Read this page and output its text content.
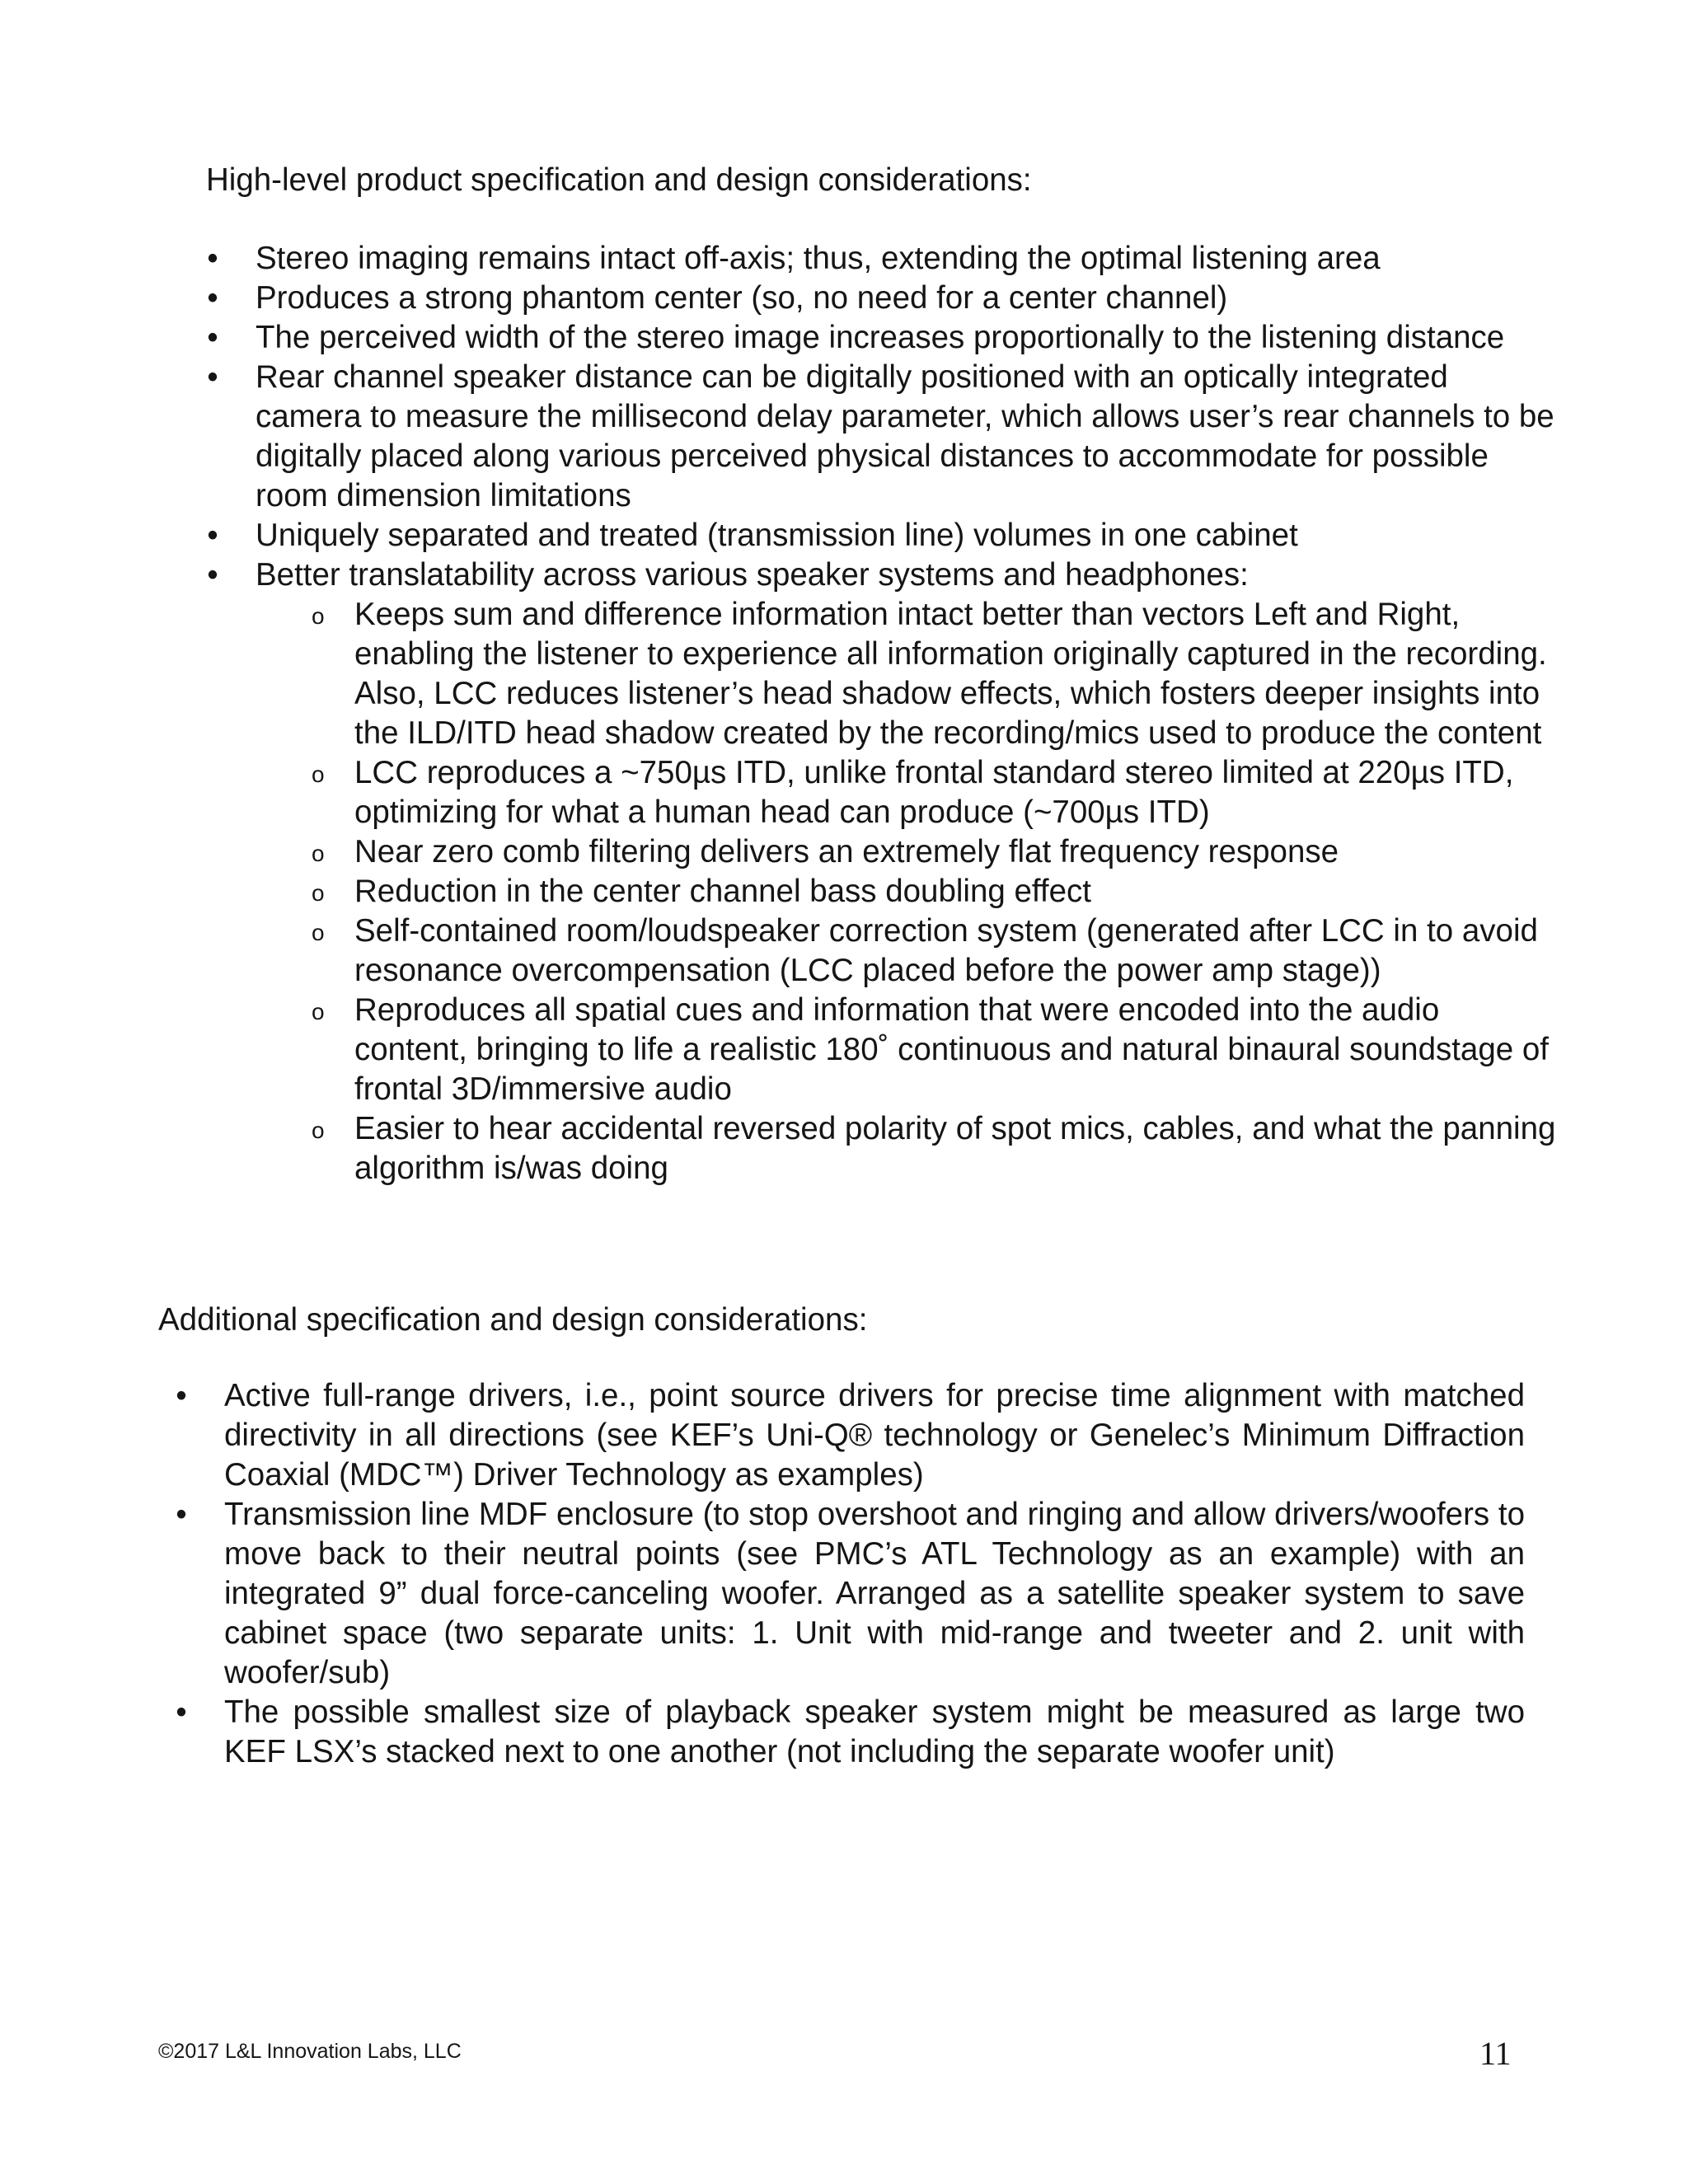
High-level product specification and design considerations:
• Stereo imaging remains intact off-axis; thus, extending the optimal listening area
• Produces a strong phantom center (so, no need for a center channel)
• The perceived width of the stereo image increases proportionally to the listening distance
• Rear channel speaker distance can be digitally positioned with an optically integrated camera to measure the millisecond delay parameter, which allows user’s rear channels to be digitally placed along various perceived physical distances to accommodate for possible room dimension limitations
• Uniquely separated and treated (transmission line) volumes in one cabinet
• Better translatability across various speaker systems and headphones:
o Keeps sum and difference information intact better than vectors Left and Right, enabling the listener to experience all information originally captured in the recording. Also, LCC reduces listener’s head shadow effects, which fosters deeper insights into the ILD/ITD head shadow created by the recording/mics used to produce the content
o LCC reproduces a ~750µs ITD, unlike frontal standard stereo limited at 220µs ITD, optimizing for what a human head can produce (~700µs ITD)
o Near zero comb filtering delivers an extremely flat frequency response
o Reduction in the center channel bass doubling effect
o Self-contained room/loudspeaker correction system (generated after LCC in to avoid resonance overcompensation (LCC placed before the power amp stage))
o Reproduces all spatial cues and information that were encoded into the audio content, bringing to life a realistic 180˚ continuous and natural binaural soundstage of frontal 3D/immersive audio
o Easier to hear accidental reversed polarity of spot mics, cables, and what the panning algorithm is/was doing
Additional specification and design considerations:
• Active full-range drivers, i.e., point source drivers for precise time alignment with matched directivity in all directions (see KEF’s Uni-Q® technology or Genelec’s Minimum Diffraction Coaxial (MDC™) Driver Technology as examples)
• Transmission line MDF enclosure (to stop overshoot and ringing and allow drivers/woofers to move back to their neutral points (see PMC’s ATL Technology as an example) with an integrated 9” dual force-canceling woofer. Arranged as a satellite speaker system to save cabinet space (two separate units: 1. Unit with mid-range and tweeter and 2. unit with woofer/sub)
• The possible smallest size of playback speaker system might be measured as large two KEF LSX’s stacked next to one another (not including the separate woofer unit)
©2017 L&L Innovation Labs, LLC	11
